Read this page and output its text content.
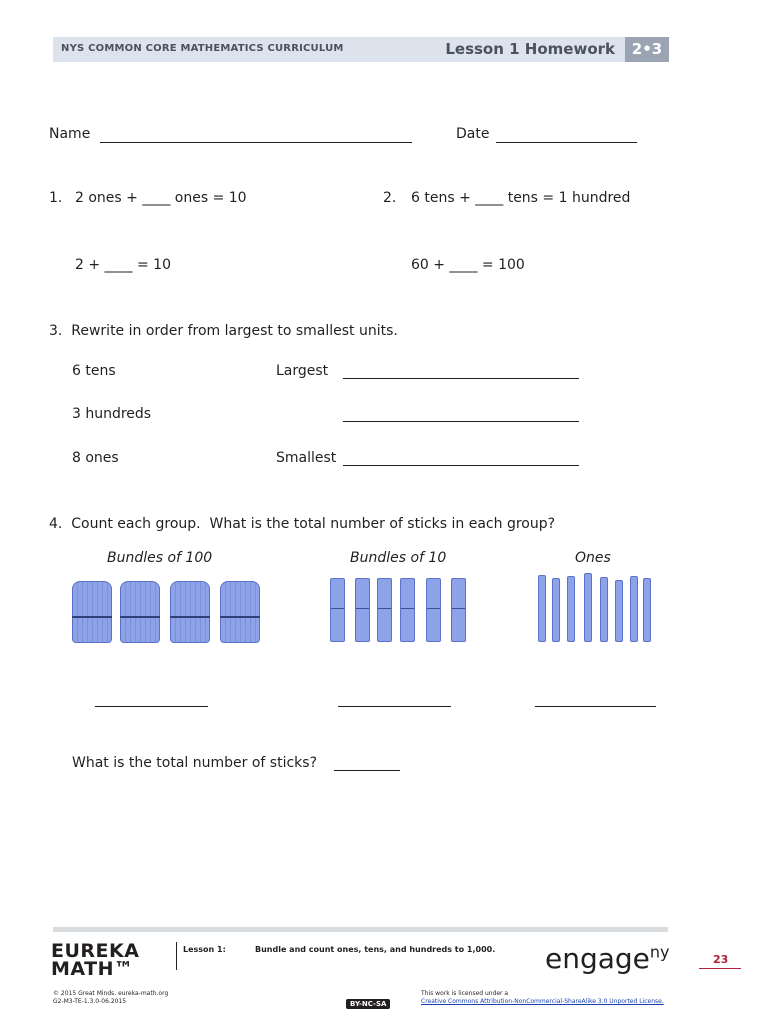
NYS COMMON CORE MATHEMATICS CURRICULUM	Lesson 1 Homework	2•3
Name	Date
1. 2 ones + ____ ones = 10
2 + ____ = 10
2. 6 tens + ____ tens = 1 hundred
60 + ____ = 100
3.  Rewrite in order from largest to smallest units.
6 tens
3 hundreds
8 ones
Largest
Smallest
4.  Count each group.  What is the total number of sticks in each group?
Bundles of 100	Bundles of 10	Ones
What is the total number of sticks?
EUREKA
MATH™
Lesson 1:	Bundle and count ones, tens, and hundreds to 1,000. engage$^{ny}$	23
© 2015 Great Minds. eureka-math.org
G2-M3-TE-1.3.0-06.2015	BY-NC-SA
This work is licensed under a
Creative Commons Attribution-NonCommercial-ShareAlike 3.0 Unported License.
